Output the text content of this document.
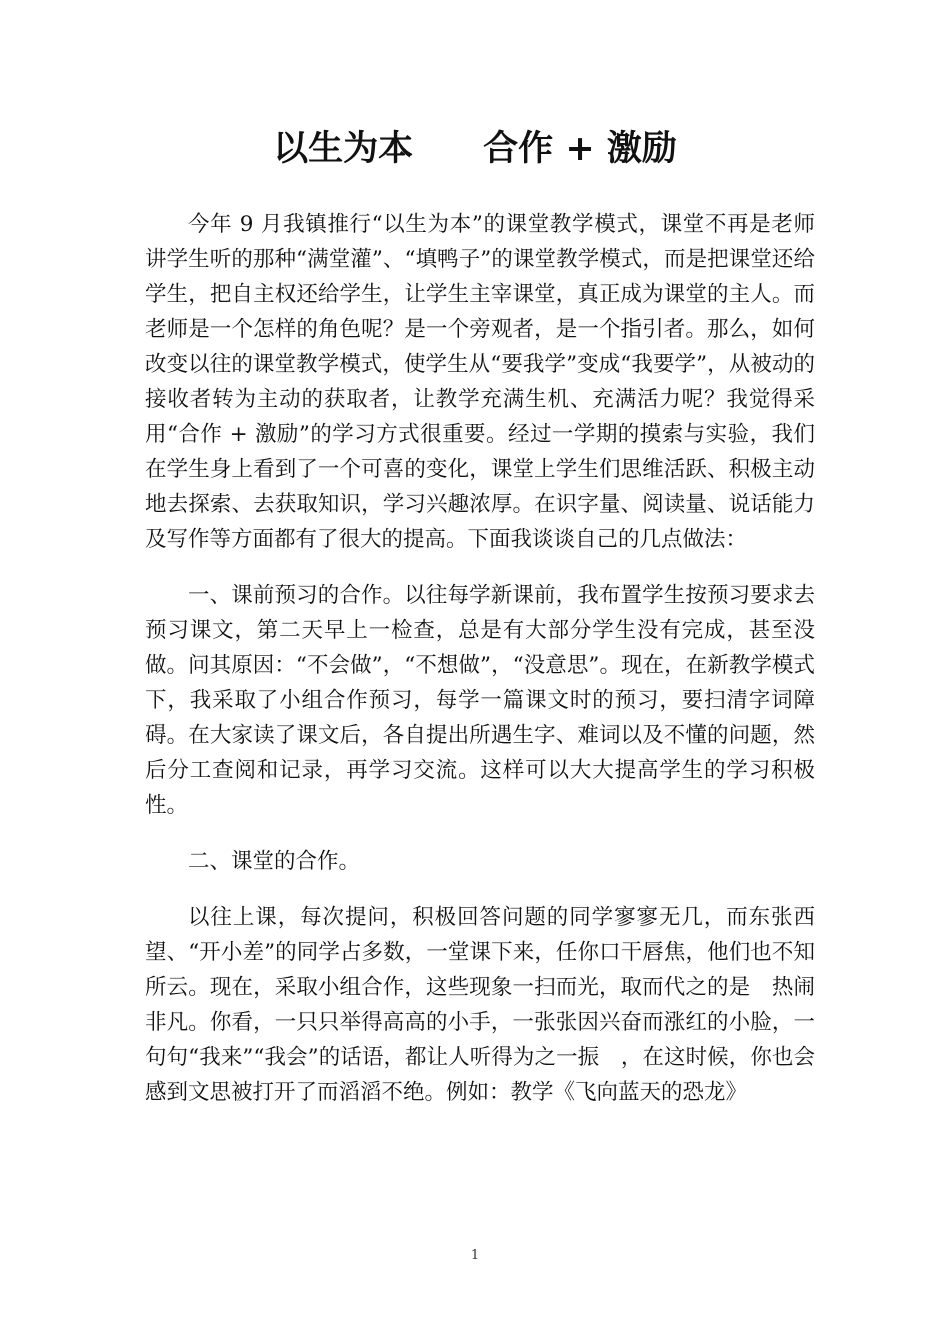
以生为本　　合作 + 激励

今年 9 月我镇推行“以生为本”的课堂教学模式，课堂不再是老师讲学生听的那种“满堂灌”、“填鸭子”的课堂教学模式，而是把课堂还给学生，把自主权还给学生，让学生主宰课堂，真正成为课堂的主人。而老师是一个怎样的角色呢？是一个旁观者，是一个指引者。那么，如何改变以往的课堂教学模式，使学生从“要我学”变成“我要学”，从被动的接收者转为主动的获取者，让教学充满生机、充满活力呢？我觉得采用“合作 + 激励”的学习方式很重要。经过一学期的摸索与实验，我们在学生身上看到了一个可喜的变化，课堂上学生们思维活跃、积极主动地去探索、去获取知识，学习兴趣浓厚。在识字量、阅读量、说话能力及写作等方面都有了很大的提高。下面我谈谈自己的几点做法：

一、课前预习的合作。以往每学新课前，我布置学生按预习要求去预习课文，第二天早上一检查，总是有大部分学生没有完成，甚至没做。问其原因：“不会做”，“不想做”，“没意思”。现在，在新教学模式下，我采取了小组合作预习，每学一篇课文时的预习，要扫清字词障碍。在大家读了课文后，各自提出所遇生字、难词以及不懂的问题，然后分工查阅和记录，再学习交流。这样可以大大提高学生的学习积极性。

二、课堂的合作。

以往上课，每次提问，积极回答问题的同学寥寥无几，而东张西望、“开小差”的同学占多数，一堂课下来，任你口干唇焦，他们也不知所云。现在，采取小组合作，这些现象一扫而光，取而代之的是　热闹非凡。你看，一只只举得高高的小手，一张张因兴奋而涨红的小脸，一句句“我来”“我会”的话语，都让人听得为之一振　，在这时候，你也会感到文思被打开了而滔滔不绝。例如：教学《飞向蓝天的恐龙》

1
